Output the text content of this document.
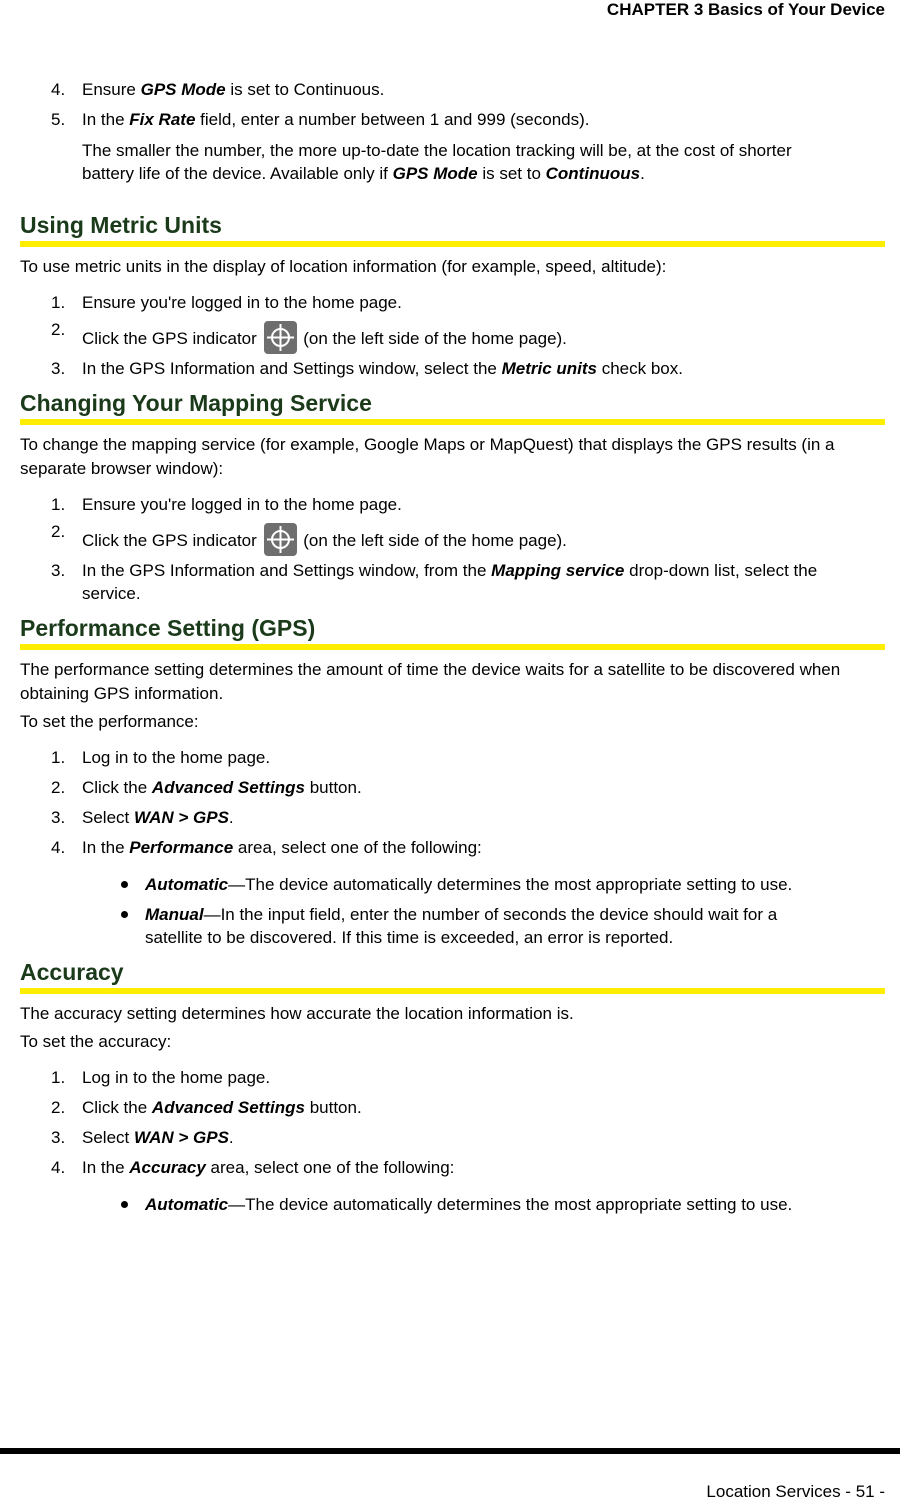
CHAPTER 3 Basics of Your Device
4. Ensure GPS Mode is set to Continuous.
5. In the Fix Rate field, enter a number between 1 and 999 (seconds).

The smaller the number, the more up-to-date the location tracking will be, at the cost of shorter battery life of the device. Available only if GPS Mode is set to Continuous.

Using Metric Units

To use metric units in the display of location information (for example, speed, altitude):

1. Ensure you're logged in to the home page.
2. Click the GPS indicator  (on the left side of the home page).
3. In the GPS Information and Settings window, select the Metric units check box.
Changing Your Mapping Service

To change the mapping service (for example, Google Maps or MapQuest) that displays the GPS results (in a separate browser window):

1. Ensure you're logged in to the home page.
2. Click the GPS indicator  (on the left side of the home page).
3. In the GPS Information and Settings window, from the Mapping service drop-down list, select the service.
Performance Setting (GPS)

The performance setting determines the amount of time the device waits for a satellite to be discovered when obtaining GPS information.

To set the performance:

1. Log in to the home page.
2. Click the Advanced Settings button.
3. Select WAN > GPS.
4. In the Performance area, select one of the following:
Automatic—The device automatically determines the most appropriate setting to use.
Manual—In the input field, enter the number of seconds the device should wait for a satellite to be discovered. If this time is exceeded, an error is reported.
Accuracy

The accuracy setting determines how accurate the location information is.

To set the accuracy:

1. Log in to the home page.
2. Click the Advanced Settings button.
3. Select WAN > GPS.
4. In the Accuracy area, select one of the following:
Automatic—The device automatically determines the most appropriate setting to use.
Location Services - 51 -
